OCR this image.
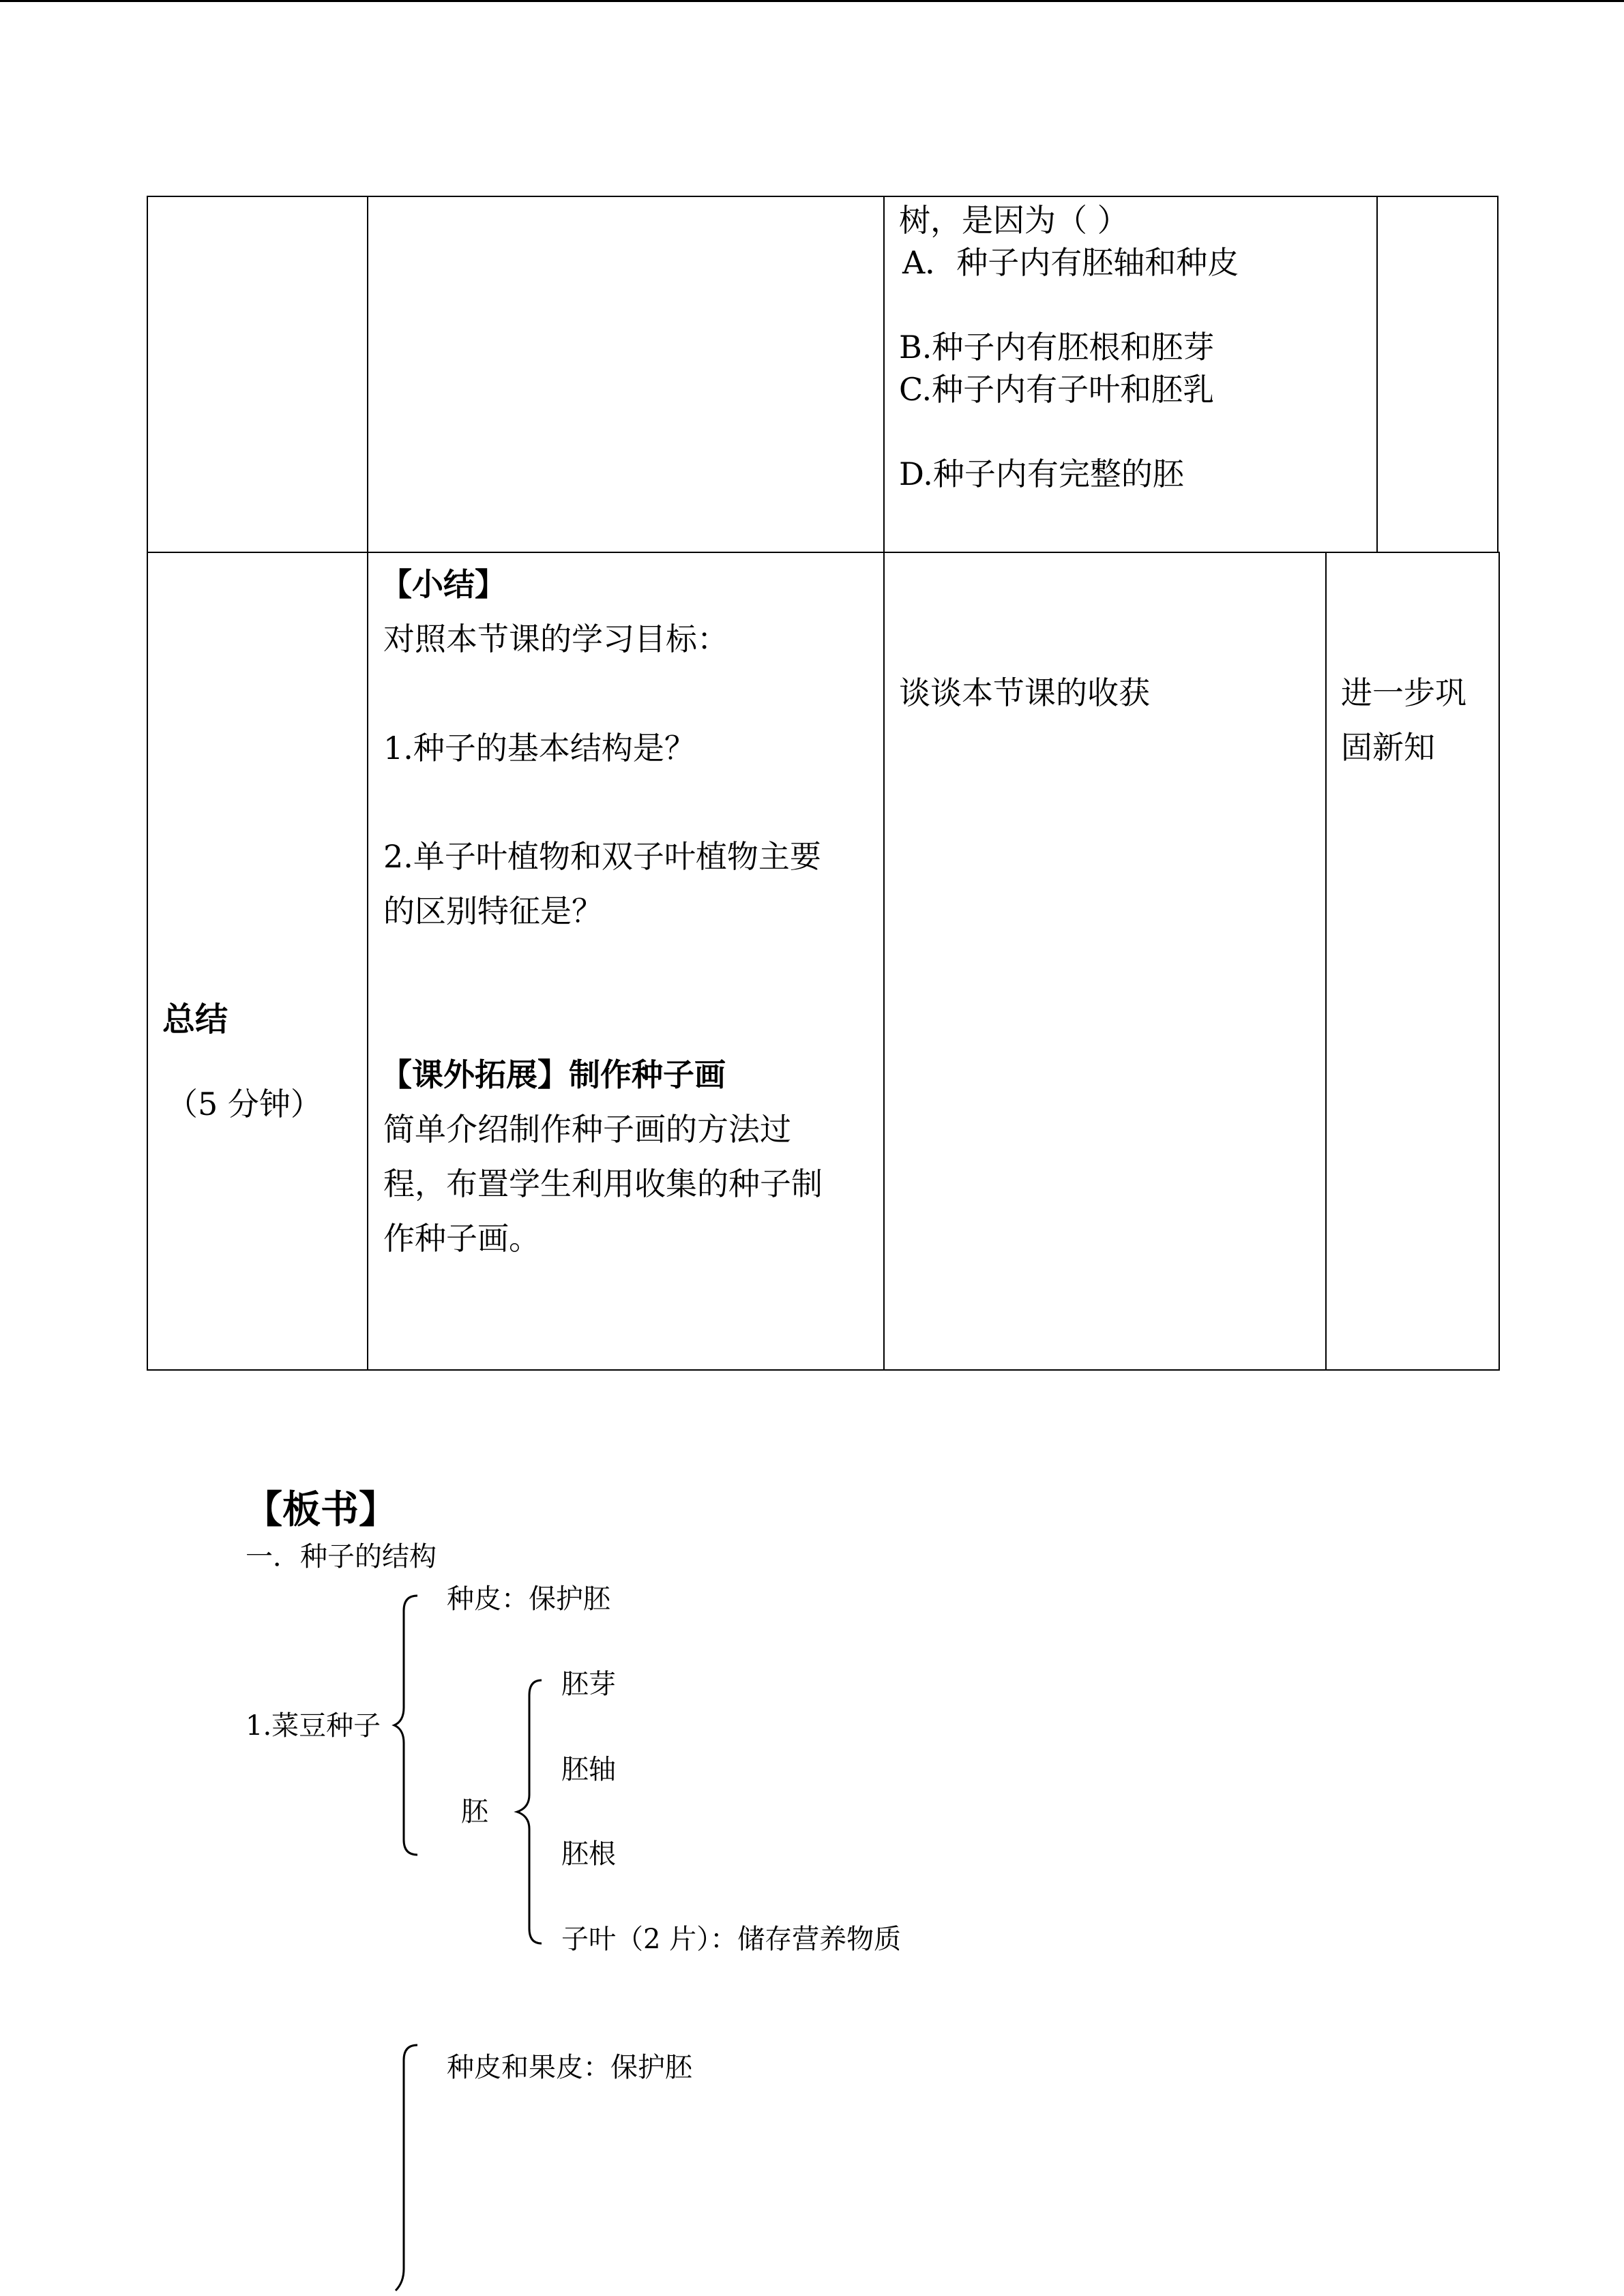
树，是因为（ ）
A．种子内有胚轴和种皮
B.种子内有胚根和胚芽
C.种子内有子叶和胚乳
D.种子内有完整的胚
总结
（5 分钟）
【小结】
对照本节课的学习目标：
1.种子的基本结构是？
2.单子叶植物和双子叶植物主要
的区别特征是？
【课外拓展】制作种子画
简单介绍制作种子画的方法过
程，布置学生利用收集的种子制
作种子画。
谈谈本节课的收获	进一步巩
固新知
【板书】
一．种子的结构
1.菜豆种子
种皮：保护胚
胚
胚芽
胚轴
胚根
子叶（2 片）：储存营养物质
种皮和果皮：保护胚
